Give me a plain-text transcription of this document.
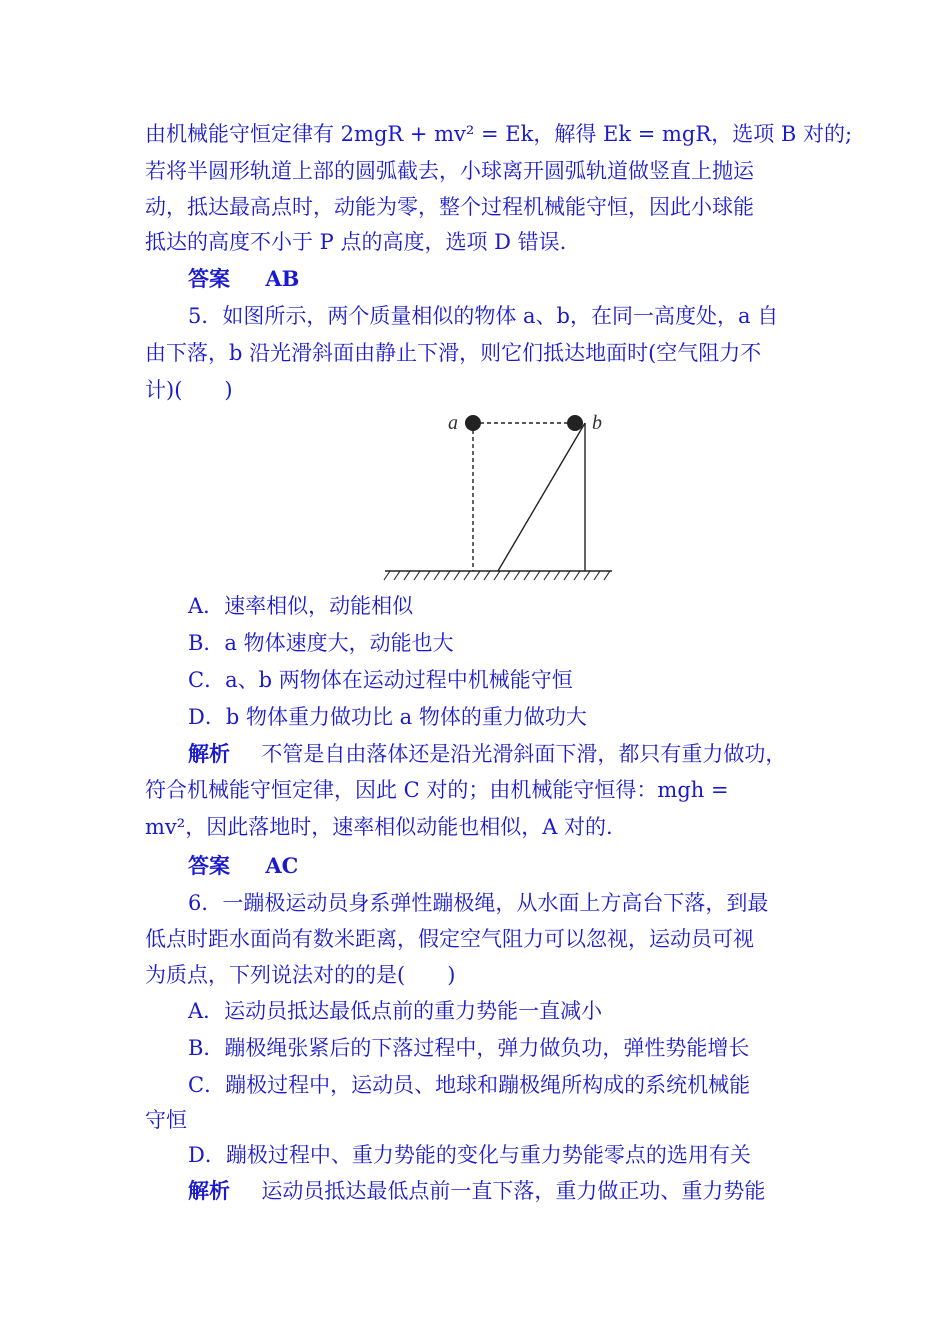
由机械能守恒定律有 2mgR + mv² = Ek，解得 Ek = mgR，选项 B 对的;
若将半圆形轨道上部的圆弧截去，小球离开圆弧轨道做竖直上抛运
动，抵达最高点时，动能为零，整个过程机械能守恒，因此小球能
抵达的高度不小于 P 点的高度，选项 D 错误.
答案 AB
5．如图所示，两个质量相似的物体 a、b，在同一高度处，a 自
由下落，b 沿光滑斜面由静止下滑，则它们抵达地面时(空气阻力不
计)(　　)
a	b
A．速率相似，动能相似
B．a 物体速度大，动能也大
C．a、b 两物体在运动过程中机械能守恒
D．b 物体重力做功比 a 物体的重力做功大
解析 不管是自由落体还是沿光滑斜面下滑，都只有重力做功，
符合机械能守恒定律，因此 C 对的；由机械能守恒得：mgh =
mv²，因此落地时，速率相似动能也相似，A 对的.
答案 AC
6．一蹦极运动员身系弹性蹦极绳，从水面上方高台下落，到最
低点时距水面尚有数米距离，假定空气阻力可以忽视，运动员可视
为质点，下列说法对的的是(　　)
A．运动员抵达最低点前的重力势能一直减小
B．蹦极绳张紧后的下落过程中，弹力做负功，弹性势能增长
C．蹦极过程中，运动员、地球和蹦极绳所构成的系统机械能
守恒
D．蹦极过程中、重力势能的变化与重力势能零点的选用有关
解析 运动员抵达最低点前一直下落，重力做正功、重力势能
